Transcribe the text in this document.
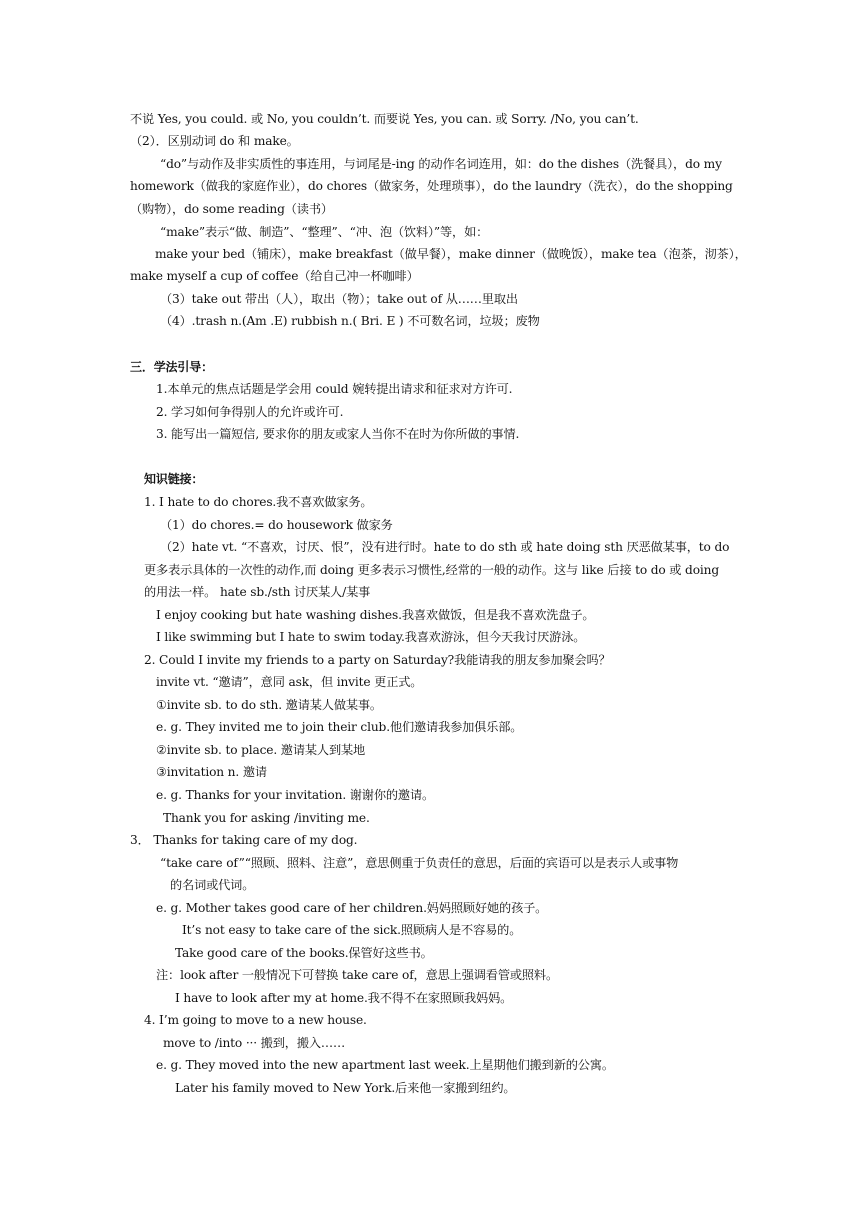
不说 Yes, you could. 或 No, you couldn’t. 而要说 Yes, you can. 或 Sorry. /No, you can’t.
（2）．区别动词 do 和 make。
“do”与动作及非实质性的事连用，与词尾是-ing 的动作名词连用，如：do the dishes（洗餐具），do my
homework（做我的家庭作业），do chores（做家务，处理琐事），do the laundry（洗衣），do the shopping
（购物），do some reading（读书）
“make”表示“做、制造”、“整理”、“冲、泡（饮料）”等，如：
make your bed（铺床），make breakfast（做早餐），make dinner（做晚饭），make tea（泡茶，沏茶），
make myself a cup of coffee（给自己冲一杯咖啡）
（3）take out 带出（人），取出（物）；take out of 从……里取出
（4）.trash n.(Am .E) rubbish n.( Bri. E ) 不可数名词，垃圾；废物
三．学法引导：
1.本单元的焦点话题是学会用 could 婉转提出请求和征求对方许可.
2. 学习如何争得别人的允许或许可.
3. 能写出一篇短信, 要求你的朋友或家人当你不在时为你所做的事情.
知识链接：
1. I hate to do chores.我不喜欢做家务。
（1）do chores.= do housework 做家务
（2）hate vt. “不喜欢，讨厌、恨”，没有进行时。hate to do sth 或 hate doing sth 厌恶做某事，to do
更多表示具体的一次性的动作,而 doing 更多表示习惯性,经常的一般的动作。这与 like 后接 to do 或 doing
的用法一样。 hate sb./sth 讨厌某人/某事
I enjoy cooking but hate washing dishes.我喜欢做饭，但是我不喜欢洗盘子。
I like swimming but I hate to swim today.我喜欢游泳，但今天我讨厌游泳。
2. Could I invite my friends to a party on Saturday?我能请我的朋友参加聚会吗？
invite vt. “邀请”，意同 ask，但 invite 更正式。
①invite sb. to do sth. 邀请某人做某事。
e. g. They invited me to join their club.他们邀请我参加俱乐部。
②invite sb. to place. 邀请某人到某地
③invitation n. 邀请
e. g. Thanks for your invitation. 谢谢你的邀请。
Thank you for asking /inviting me.
3． Thanks for taking care of my dog.
“take care of”“照顾、照料、注意”，意思侧重于负责任的意思，后面的宾语可以是表示人或事物
的名词或代词。
e. g. Mother takes good care of her children.妈妈照顾好她的孩子。
It’s not easy to take care of the sick.照顾病人是不容易的。
Take good care of the books.保管好这些书。
注：look after 一般情况下可替换 take care of，意思上强调看管或照料。
I have to look after my at home.我不得不在家照顾我妈妈。
4. I’m going to move to a new house.
move to /into ··· 搬到，搬入……
e. g. They moved into the new apartment last week.上星期他们搬到新的公寓。
Later his family moved to New York.后来他一家搬到纽约。
